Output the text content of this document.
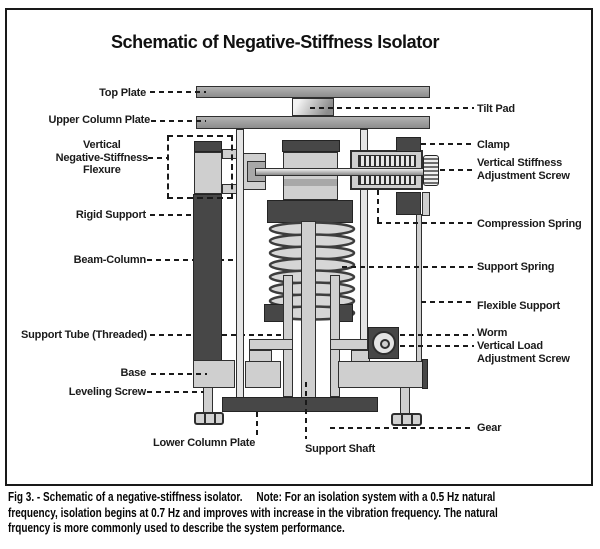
Schematic of Negative-Stiffness Isolator
Top Plate
Upper Column Plate
Vertical
Negative-Stiffness
Flexure
Rigid Support
Beam-Column
Support Tube (Threaded)
Base
Leveling Screw
Lower Column Plate	Support Shaft
Tilt Pad
Clamp
Vertical Stiffness
Adjustment Screw
Compression Spring
Support Spring
Flexible Support
Worm
Vertical Load
Adjustment Screw
Gear
Fig 3. - Schematic of a negative-stiffness isolator.     Note: For an isolation system with a 0.5 Hz natural
frequency, isolation begins at 0.7 Hz and improves with increase in the vibration frequency. The natural
frquency is more commonly used to describe the system performance.
